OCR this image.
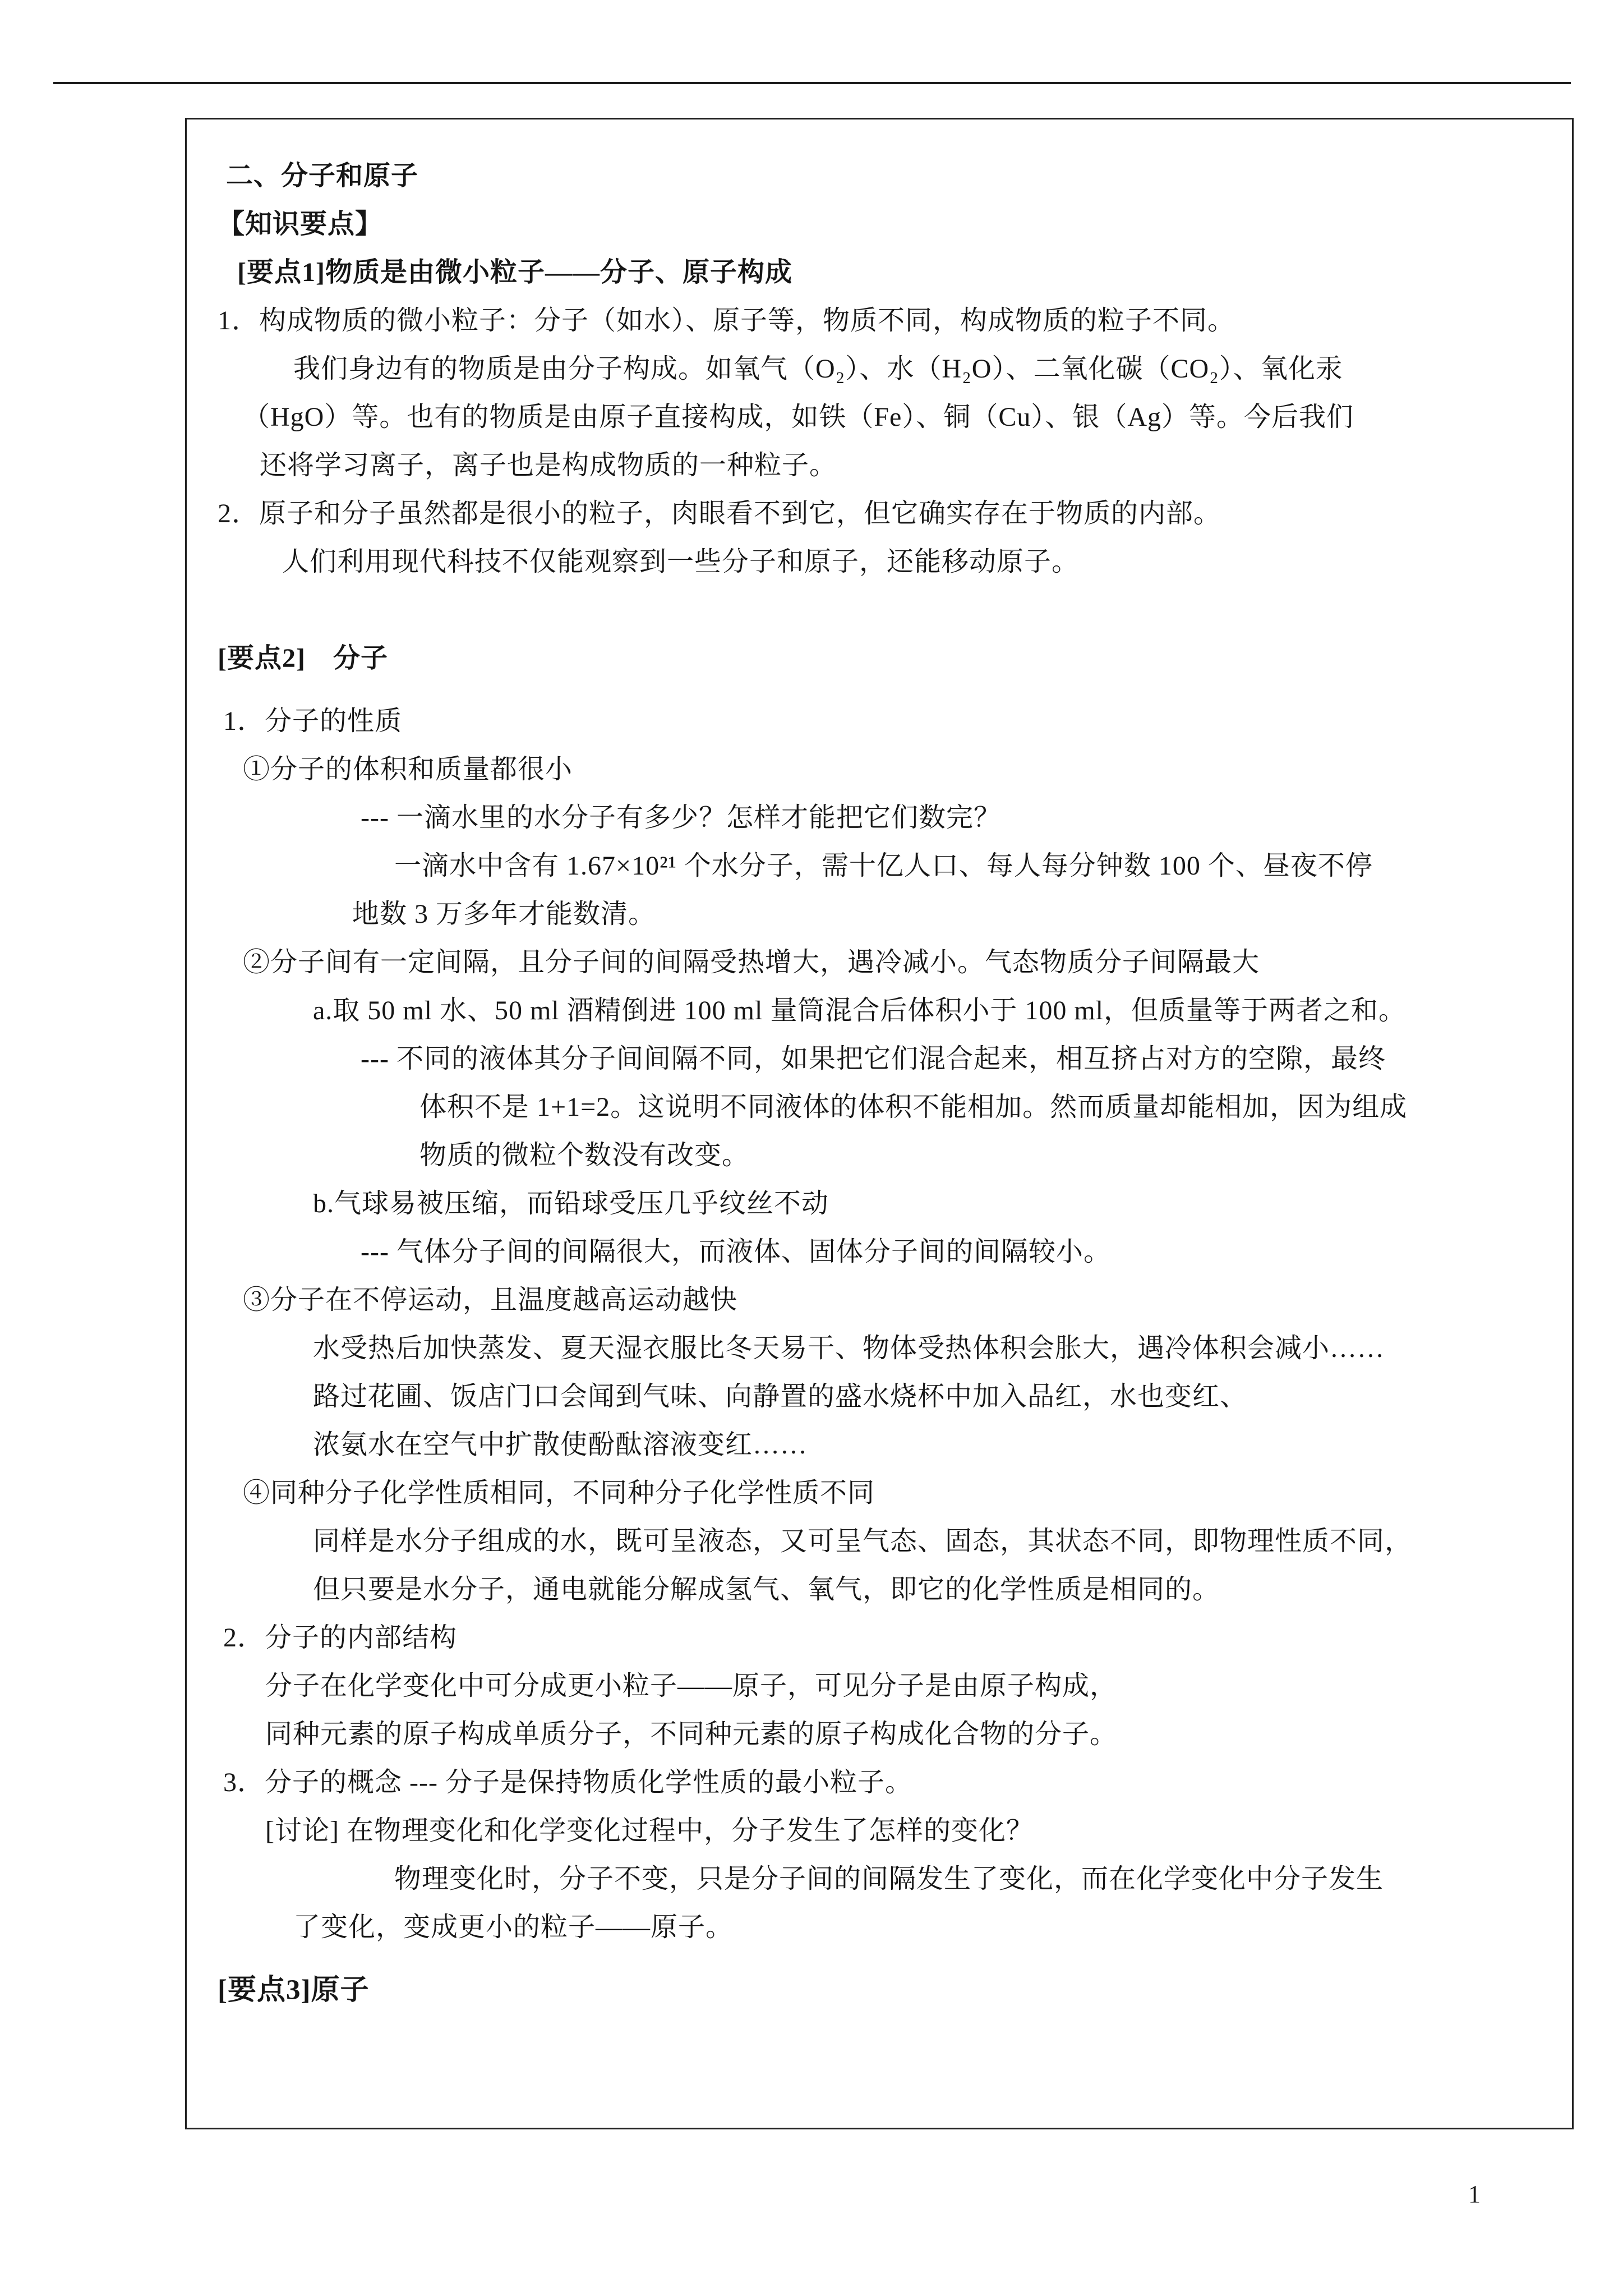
二、分子和原子
【知识要点】
[要点1]物质是由微小粒子——分子、原子构成
1．构成物质的微小粒子：分子（如水）、原子等，物质不同，构成物质的粒子不同。
我们身边有的物质是由分子构成。如氧气（O₂）、水（H₂O）、二氧化碳（CO₂）、氧化汞
（HgO）等。也有的物质是由原子直接构成，如铁（Fe）、铜（Cu）、银（Ag）等。今后我们
还将学习离子，离子也是构成物质的一种粒子。
2．原子和分子虽然都是很小的粒子，肉眼看不到它，但它确实存在于物质的内部。
人们利用现代科技不仅能观察到一些分子和原子，还能移动原子。
[要点2]　分子
1．分子的性质
①分子的体积和质量都很小
--- 一滴水里的水分子有多少？怎样才能把它们数完？
一滴水中含有 1.67×10²¹ 个水分子，需十亿人口、每人每分钟数 100 个、昼夜不停
地数 3 万多年才能数清。
②分子间有一定间隔，且分子间的间隔受热增大，遇冷减小。气态物质分子间隔最大
a.取 50 ml 水、50 ml 酒精倒进 100 ml 量筒混合后体积小于 100 ml，但质量等于两者之和。
--- 不同的液体其分子间间隔不同，如果把它们混合起来，相互挤占对方的空隙，最终
体积不是 1+1=2。这说明不同液体的体积不能相加。然而质量却能相加，因为组成
物质的微粒个数没有改变。
b.气球易被压缩，而铅球受压几乎纹丝不动
--- 气体分子间的间隔很大，而液体、固体分子间的间隔较小。
③分子在不停运动，且温度越高运动越快
水受热后加快蒸发、夏天湿衣服比冬天易干、物体受热体积会胀大，遇冷体积会减小……
路过花圃、饭店门口会闻到气味、向静置的盛水烧杯中加入品红，水也变红、
浓氨水在空气中扩散使酚酞溶液变红……
④同种分子化学性质相同，不同种分子化学性质不同
同样是水分子组成的水，既可呈液态，又可呈气态、固态，其状态不同，即物理性质不同，
但只要是水分子，通电就能分解成氢气、氧气，即它的化学性质是相同的。
2．分子的内部结构
分子在化学变化中可分成更小粒子——原子，可见分子是由原子构成，
同种元素的原子构成单质分子，不同种元素的原子构成化合物的分子。
3．分子的概念 --- 分子是保持物质化学性质的最小粒子。
[讨论] 在物理变化和化学变化过程中，分子发生了怎样的变化？
物理变化时，分子不变，只是分子间的间隔发生了变化，而在化学变化中分子发生
了变化，变成更小的粒子——原子。
[要点3]原子
1
